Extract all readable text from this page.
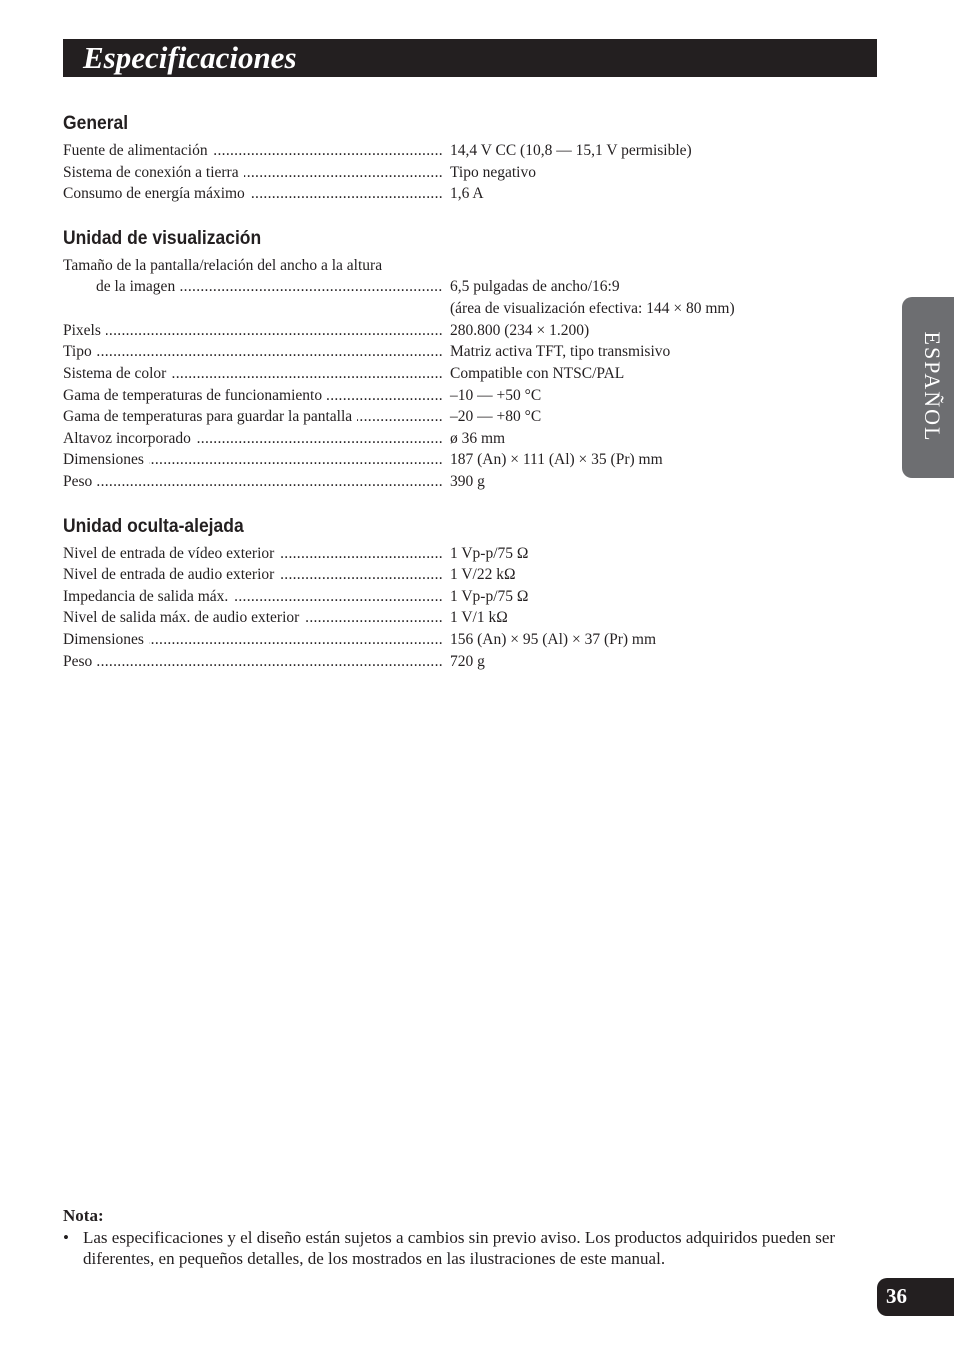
Especificaciones
General
Fuente de alimentación .....	14,4 V CC (10,8 — 15,1 V permisible)
Sistema de conexión a tierra .....	Tipo negativo
Consumo de energía máximo .....	1,6 A
Unidad de visualización
Tamaño de la pantalla/relación del ancho a la altura
de la imagen .....	6,5 pulgadas de ancho/16:9
(área de visualización efectiva: 144 × 80 mm)
Pixels .....	280.800 (234 × 1.200)
Tipo .....	Matriz activa TFT, tipo transmisivo
Sistema de color .....	Compatible con NTSC/PAL
Gama de temperaturas de funcionamiento .....	–10 — +50 °C
Gama de temperaturas para guardar la pantalla .....	–20 — +80 °C
Altavoz incorporado .....	ø 36 mm
Dimensiones .....	187 (An) × 111 (Al) × 35 (Pr) mm
Peso .....	390 g
Unidad oculta-alejada
Nivel de entrada de vídeo exterior .....	1 Vp-p/75 Ω
Nivel de entrada de audio exterior .....	1 V/22 kΩ
Impedancia de salida máx. .....	1 Vp-p/75 Ω
Nivel de salida máx. de audio exterior .....	1 V/1 kΩ
Dimensiones .....	156 (An) × 95 (Al) × 37 (Pr) mm
Peso .....	720 g
ESPAÑOL
Nota:
• Las especificaciones y el diseño están sujetos a cambios sin previo aviso. Los productos adquiridos pueden ser diferentes, en pequeños detalles, de los mostrados en las ilustraciones de este manual.
36
